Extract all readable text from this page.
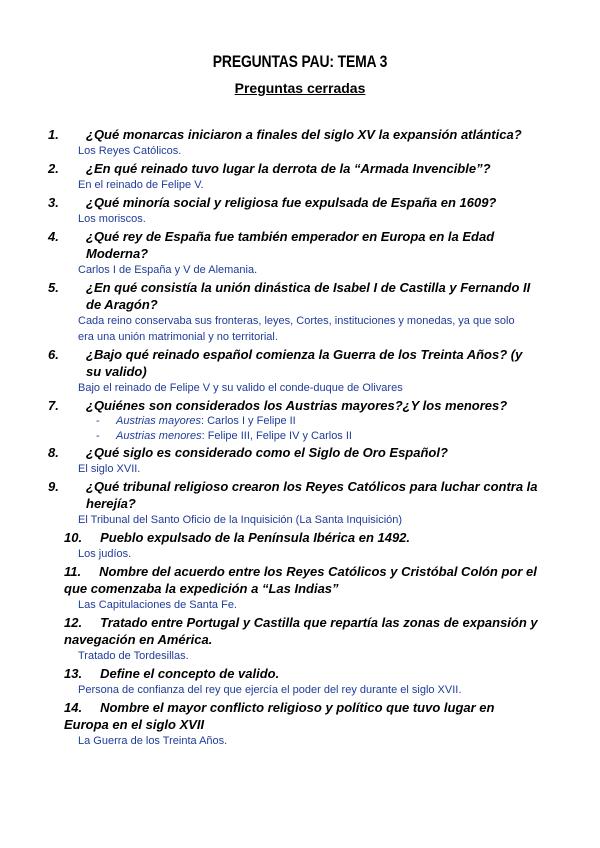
PREGUNTAS PAU: TEMA 3
Preguntas cerradas

1. ¿Qué monarcas iniciaron a finales del siglo XV la expansión atlántica?

Los Reyes Católicos.

2. ¿En qué reinado tuvo lugar la derrota de la “Armada Invencible”?

En el reinado de Felipe V.

3. ¿Qué minoría social y religiosa fue expulsada de España en 1609?

Los moriscos.

4. ¿Qué rey de España fue también emperador en Europa en la Edad Moderna?

Carlos I de España y V de Alemania.

5. ¿En qué consistía la unión dinástica de Isabel I de Castilla y Fernando II de Aragón?

Cada reino conservaba sus fronteras, leyes, Cortes, instituciones y monedas, ya que solo era una unión matrimonial y no territorial.

6. ¿Bajo qué reinado español comienza la Guerra de los Treinta Años? (y su valido)

Bajo el reinado de Felipe V y su valido el conde-duque de Olivares

7. ¿Quiénes son considerados los Austrias mayores?¿Y los menores?

- Austrias mayores: Carlos I y Felipe II

- Austrias menores: Felipe III, Felipe IV y Carlos II

8. ¿Qué siglo es considerado como el Siglo de Oro Español?

El siglo XVII.

9. ¿Qué tribunal religioso crearon los Reyes Católicos para luchar contra la herejía?

El Tribunal del Santo Oficio de la Inquisición (La Santa Inquisición)

10. Pueblo expulsado de la Península Ibérica en 1492.

Los judíos.

11. Nombre del acuerdo entre los Reyes Católicos y Cristóbal Colón por el que comenzaba la expedición a “Las Indias”

Las Capitulaciones de Santa Fe.

12. Tratado entre Portugal y Castilla que repartía las zonas de expansión y navegación en América.

Tratado de Tordesillas.

13. Define el concepto de valido.

Persona de confianza del rey que ejercía el poder del rey durante el siglo XVII.

14. Nombre el mayor conflicto religioso y político que tuvo lugar en Europa en el siglo XVII

La Guerra de los Treinta Años.
